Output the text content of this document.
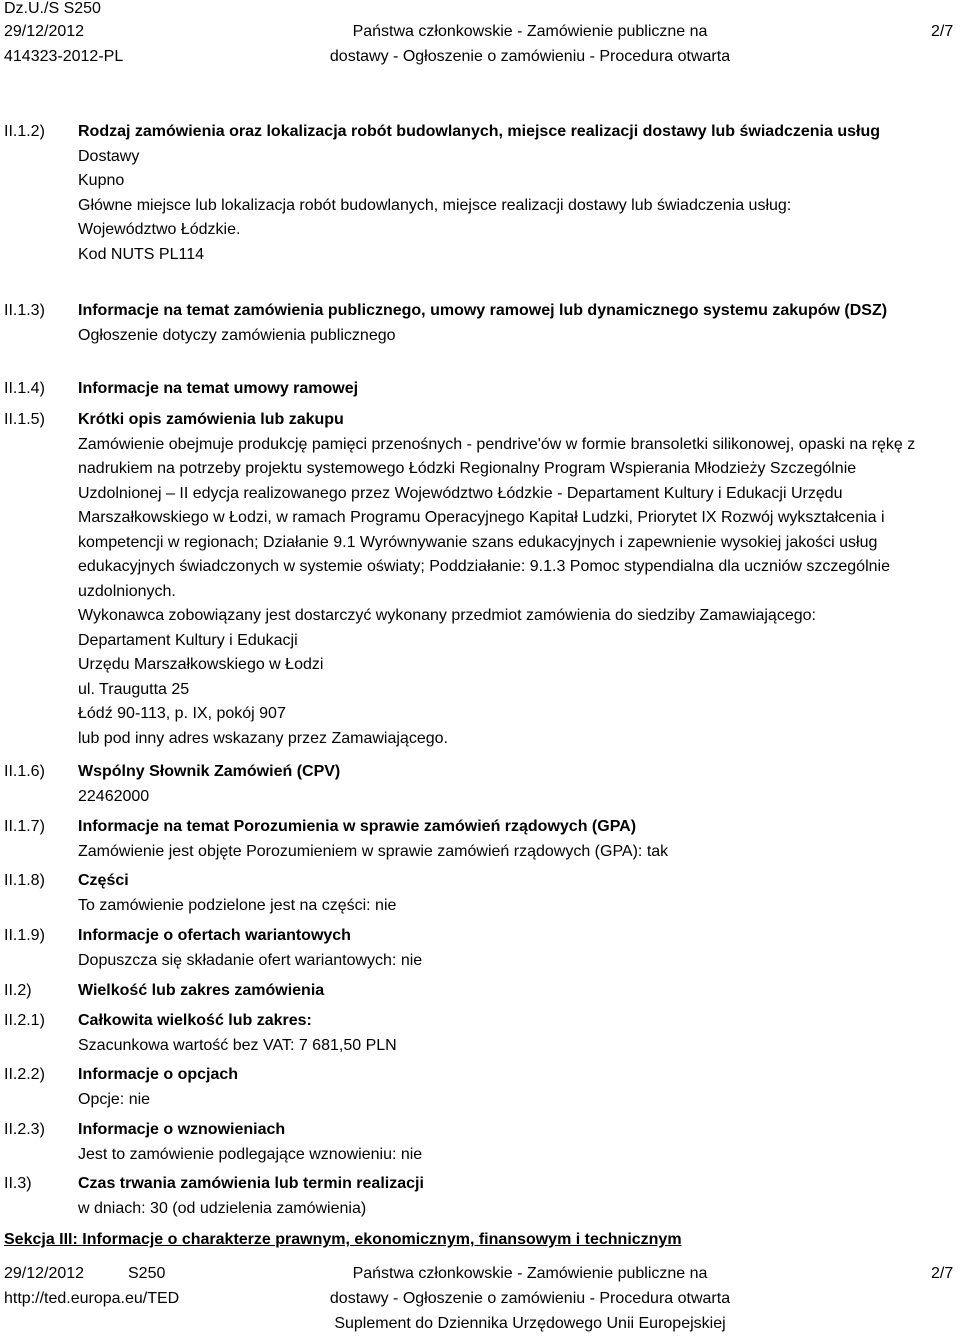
Dz.U./S S250
29/12/2012
414323-2012-PL
Państwa członkowskie - Zamówienie publiczne na
dostawy - Ogłoszenie o zamówieniu - Procedura otwarta
2/7
II.1.2) Rodzaj zamówienia oraz lokalizacja robót budowlanych, miejsce realizacji dostawy lub świadczenia usług
Dostawy
Kupno
Główne miejsce lub lokalizacja robót budowlanych, miejsce realizacji dostawy lub świadczenia usług:
Województwo Łódzkie.
Kod NUTS PL114
II.1.3) Informacje na temat zamówienia publicznego, umowy ramowej lub dynamicznego systemu zakupów (DSZ)
Ogłoszenie dotyczy zamówienia publicznego
II.1.4) Informacje na temat umowy ramowej
II.1.5) Krótki opis zamówienia lub zakupu
Zamówienie obejmuje produkcję pamięci przenośnych - pendrive'ów w formie bransoletki silikonowej, opaski na rękę z nadrukiem na potrzeby projektu systemowego Łódzki Regionalny Program Wspierania Młodzieży Szczególnie Uzdolnionej – II edycja realizowanego przez Województwo Łódzkie - Departament Kultury i Edukacji Urzędu Marszałkowskiego w Łodzi, w ramach Programu Operacyjnego Kapitał Ludzki, Priorytet IX Rozwój wykształcenia i kompetencji w regionach; Działanie 9.1 Wyrównywanie szans edukacyjnych i zapewnienie wysokiej jakości usług edukacyjnych świadczonych w systemie oświaty; Poddziałanie: 9.1.3 Pomoc stypendialna dla uczniów szczególnie uzdolnionych.
Wykonawca zobowiązany jest dostarczyć wykonany przedmiot zamówienia do siedziby Zamawiającego:
Departament Kultury i Edukacji
Urzędu Marszałkowskiego w Łodzi
ul. Traugutta 25
Łódź 90-113, p. IX, pokój 907
lub pod inny adres wskazany przez Zamawiającego.
II.1.6) Wspólny Słownik Zamówień (CPV)
22462000
II.1.7) Informacje na temat Porozumienia w sprawie zamówień rządowych (GPA)
Zamówienie jest objęte Porozumieniem w sprawie zamówień rządowych (GPA): tak
II.1.8) Części
To zamówienie podzielone jest na części: nie
II.1.9) Informacje o ofertach wariantowych
Dopuszcza się składanie ofert wariantowych: nie
II.2)	Wielkość lub zakres zamówienia
II.2.1) Całkowita wielkość lub zakres:
Szacunkowa wartość bez VAT: 7 681,50 PLN
II.2.2) Informacje o opcjach
Opcje: nie
II.2.3) Informacje o wznowieniach
Jest to zamówienie podlegające wznowieniu: nie
II.3)	Czas trwania zamówienia lub termin realizacji
w dniach: 30 (od udzielenia zamówienia)
Sekcja III: Informacje o charakterze prawnym, ekonomicznym, finansowym i technicznym
29/12/2012	S250
http://ted.europa.eu/TED
Państwa członkowskie - Zamówienie publiczne na
dostawy - Ogłoszenie o zamówieniu - Procedura otwarta
Suplement do Dziennika Urzędowego Unii Europejskiej
2/7
